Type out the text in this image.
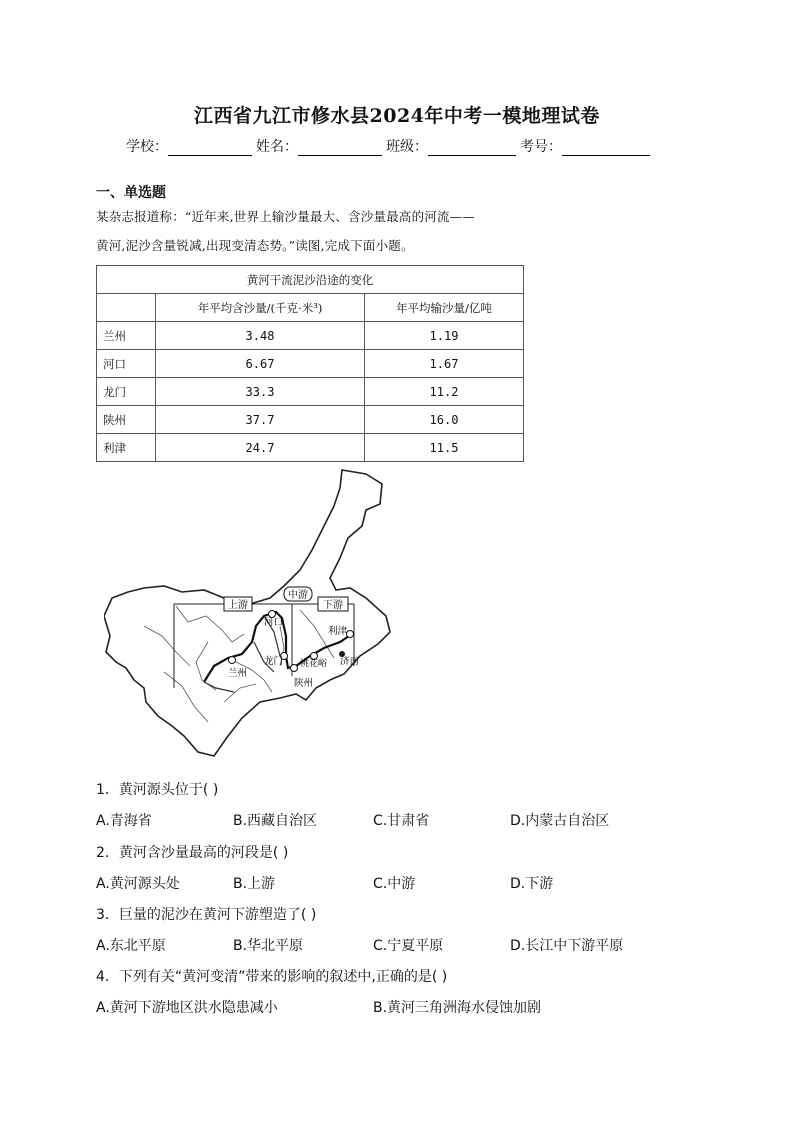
江西省九江市修水县2024年中考一模地理试卷
学校：	姓名：	班级：	考号：
一、单选题
某杂志报道称：“近年来,世界上输沙量最大、含沙量最高的河流——
黄河,泥沙含量锐减,出现变清态势。”读图,完成下面小题。
黄河干流泥沙沿途的变化		
	年平均含沙量/(千克·米³)	年平均输沙量/亿吨
兰州	3.48	1.19
河口	6.67	1.67
龙门	33.3	11.2
陕州	37.7	16.0
利津	24.7	11.5
上游
中游
下游
河口
利津
济南
龙门 桃花峪
兰州
陕州
1．黄河源头位于( )
A.青海省	B.西藏自治区	C.甘肃省	D.内蒙古自治区
2．黄河含沙量最高的河段是( )
A.黄河源头处	B.上游	C.中游	D.下游
3．巨量的泥沙在黄河下游塑造了( )
A.东北平原	B.华北平原	C.宁夏平原	D.长江中下游平原
4．下列有关“黄河变清”带来的影响的叙述中,正确的是( )
A.黄河下游地区洪水隐患减小	B.黄河三角洲海水侵蚀加剧
